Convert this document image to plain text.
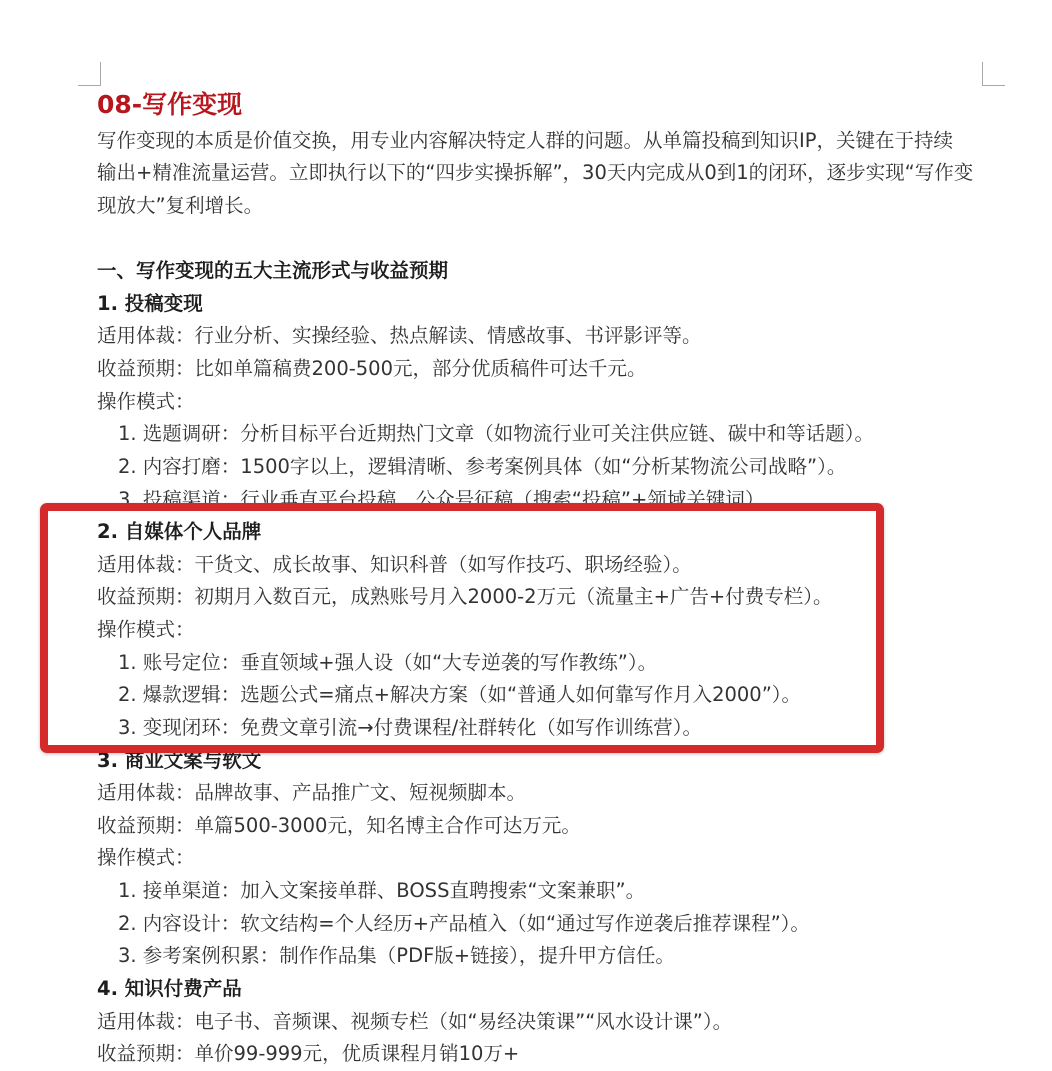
08-写作变现
写作变现的本质是价值交换，用专业内容解决特定人群的问题。从单篇投稿到知识IP，关键在于持续
输出+精准流量运营。立即执行以下的“四步实操拆解”，30天内完成从0到1的闭环，逐步实现“写作变
现放大”复利增长。
一、写作变现的五大主流形式与收益预期
1. 投稿变现
适用体裁：行业分析、实操经验、热点解读、情感故事、书评影评等。
收益预期：比如单篇稿费200-500元，部分优质稿件可达千元。
操作模式：
1. 选题调研：分析目标平台近期热门文章（如物流行业可关注供应链、碳中和等话题）。
2. 内容打磨：1500字以上，逻辑清晰、参考案例具体（如“分析某物流公司战略”）。
3. 投稿渠道：行业垂直平台投稿、公众号征稿（搜索“投稿”+领域关键词）
2. 自媒体个人品牌
适用体裁：干货文、成长故事、知识科普（如写作技巧、职场经验）。
收益预期：初期月入数百元，成熟账号月入2000-2万元（流量主+广告+付费专栏）。
操作模式：
1. 账号定位：垂直领域+强人设（如“大专逆袭的写作教练”）。
2. 爆款逻辑：选题公式=痛点+解决方案（如“普通人如何靠写作月入2000”）。
3. 变现闭环：免费文章引流→付费课程/社群转化（如写作训练营）。
3. 商业文案与软文
适用体裁：品牌故事、产品推广文、短视频脚本。
收益预期：单篇500-3000元，知名博主合作可达万元。
操作模式：
1. 接单渠道：加入文案接单群、BOSS直聘搜索“文案兼职”。
2. 内容设计：软文结构=个人经历+产品植入（如“通过写作逆袭后推荐课程”）。
3. 参考案例积累：制作作品集（PDF版+链接），提升甲方信任。
4. 知识付费产品
适用体裁：电子书、音频课、视频专栏（如“易经决策课”“风水设计课”）。
收益预期：单价99-999元，优质课程月销10万+
